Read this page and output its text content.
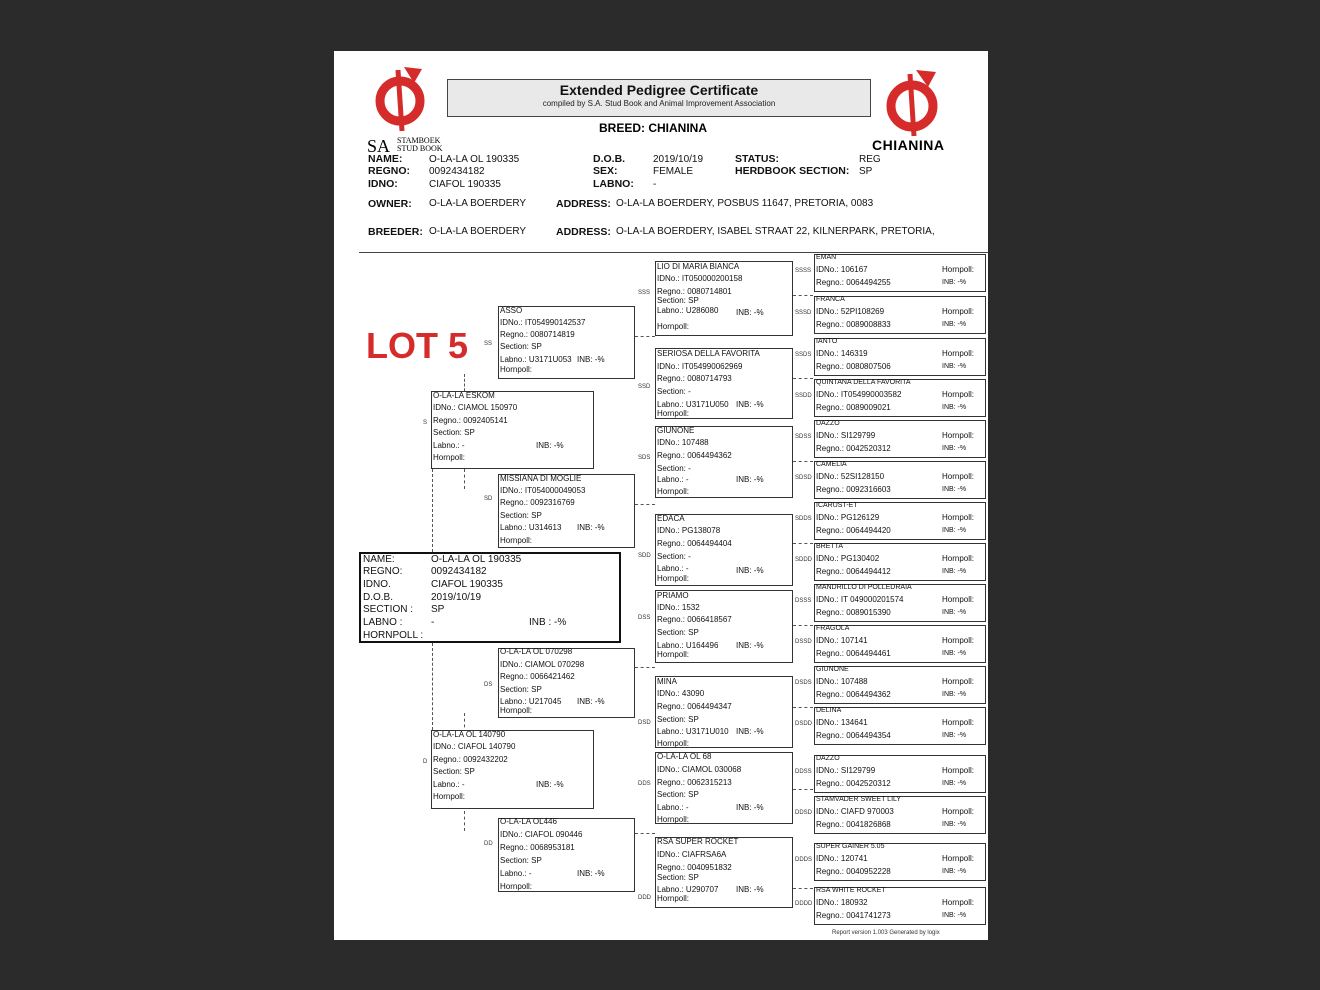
SA STAMBOEK
STUD BOOK
Extended Pedigree Certificate
compiled by S.A. Stud Book and Animal Improvement Association
BREED: CHIANINA
CHIANINA
NAME:	O-LA-LA OL 190335
REGNO: 0092434182
IDNO:	CIAFOL 190335
D.O.B.	2019/10/19
SEX:	FEMALE
LABNO: -
STATUS:	REG
HERDBOOK SECTION: SP
OWNER: O-LA-LA BOERDERY	ADDRESS: O-LA-LA BOERDERY, POSBUS 11647, PRETORIA, 0083
BREEDER: O-LA-LA BOERDERY	ADDRESS: O-LA-LA BOERDERY, ISABEL STRAAT 22, KILNERPARK, PRETORIA,
LOT 5
O-LA-LA ESKOM
IDNo.: CIAMOL 150970
Regno.: 0092405141
Section: SP
Labno.: -
Hornpoll:
INB: -%
S
O-LA-LA OL 140790
IDNo.: CIAFOL 140790
Regno.: 0092432202
Section: SP
Labno.: -
Hornpoll:
INB: -%
D
ASSO
IDNo.: IT054990142537
Regno.: 0080714819
Section: SP
Labno.: U3171U053
Hornpoll:
INB: -%
SS
MISSIANA DI MOGLIE
IDNo.: IT054000049053
Regno.: 0092316769
Section: SP
Labno.: U314613
Hornpoll:
INB: -%
SD
O-LA-LA OL 070298
IDNo.: CIAMOL 070298
Regno.: 0066421462
Section: SP
Labno.: U217045
Hornpoll:
INB: -%
DS
O-LA-LA OL446
IDNo.: CIAFOL 090446
Regno.: 0068953181
Section: SP
Labno.: -
Hornpoll:
INB: -%
DD
NAME:	O-LA-LA OL 190335
REGNO:	0092434182
IDNO.	CIAFOL 190335
D.O.B.	2019/10/19
SECTION : SP
LABNO :	-	INB : -%
HORNPOLL :
LIO DI MARIA BIANCA
IDNo.: IT050000200158
Regno.: 0080714801
Section: SP
Labno.: U286080
Hornpoll:
INB: -%
SSS
SERIOSA DELLA FAVORITA
IDNo.: IT054990062969
Regno.: 0080714793
Section: -
Labno.: U3171U050
Hornpoll:
INB: -%
SSD
GIUNONE
IDNo.: 107488
Regno.: 0064494362
Section: -
Labno.: -
Hornpoll:
INB: -%
SDS
EDACA
IDNo.: PG138078
Regno.: 0064494404
Section: -
Labno.: -
Hornpoll:
INB: -%
SDD
PRIAMO
IDNo.: 1532
Regno.: 0066418567
Section: SP
Labno.: U164496
Hornpoll:
INB: -%
DSS
MINA
IDNo.: 43090
Regno.: 0064494347
Section: SP
Labno.: U3171U010
Hornpoll:
INB: -%
DSD
O-LA-LA OL 68
IDNo.: CIAMOL 030068
Regno.: 0062315213
Section: SP
Labno.: -
Hornpoll:
INB: -%
DDS
RSA SUPER ROCKET
IDNo.: CIAFRSA6A
Regno.: 0040951832
Section: SP
Labno.: U290707
Hornpoll:
INB: -%
DDD
SSSS
EMAN
IDNo.: 106167
Regno.: 0064494255
Hornpoll:
INB: -%
SSSD
FRANCA
IDNo.: 52PI108269
Regno.: 0089008833
Hornpoll:
INB: -%
SSDS
IANTO
IDNo.: 146319
Regno.: 0080807506
Hornpoll:
INB: -%
SSDD
QUINTANA DELLA FAVORITA
IDNo.: IT054990003582
Regno.: 0089009021
Hornpoll:
INB: -%
SDSS
DAZZO
IDNo.: SI129799
Regno.: 0042520312
Hornpoll:
INB: -%
SDSD
CAMELIA
IDNo.: 52SI128150
Regno.: 0092316603
Hornpoll:
INB: -%
SDDS
ICARUST-ET
IDNo.: PG126129
Regno.: 0064494420
Hornpoll:
INB: -%
SDDD
BRETTA
IDNo.: PG130402
Regno.: 0064494412
Hornpoll:
INB: -%
DSSS
MANDRILLO DI POLLEDRAIA
IDNo.: IT 049000201574
Regno.: 0089015390
Hornpoll:
INB: -%
DSSD
FRAGOLA
IDNo.: 107141
Regno.: 0064494461
Hornpoll:
INB: -%
DSDS
GIUNONE
IDNo.: 107488
Regno.: 0064494362
Hornpoll:
INB: -%
DSDD
DELINA
IDNo.: 134641
Regno.: 0064494354
Hornpoll:
INB: -%
DDSS
DAZZO
IDNo.: SI129799
Regno.: 0042520312
Hornpoll:
INB: -%
DDSD
STAMVADER SWEET LILY
IDNo.: CIAFD 970003
Regno.: 0041826868
Hornpoll:
INB: -%
DDDS
SUPER GAINER 5.05
IDNo.: 120741
Regno.: 0040952228
Hornpoll:
INB: -%
DDDD
RSA WHITE ROCKET
IDNo.: 180932
Regno.: 0041741273
Hornpoll:
INB: -%
Report version 1.003 Generated by logix
